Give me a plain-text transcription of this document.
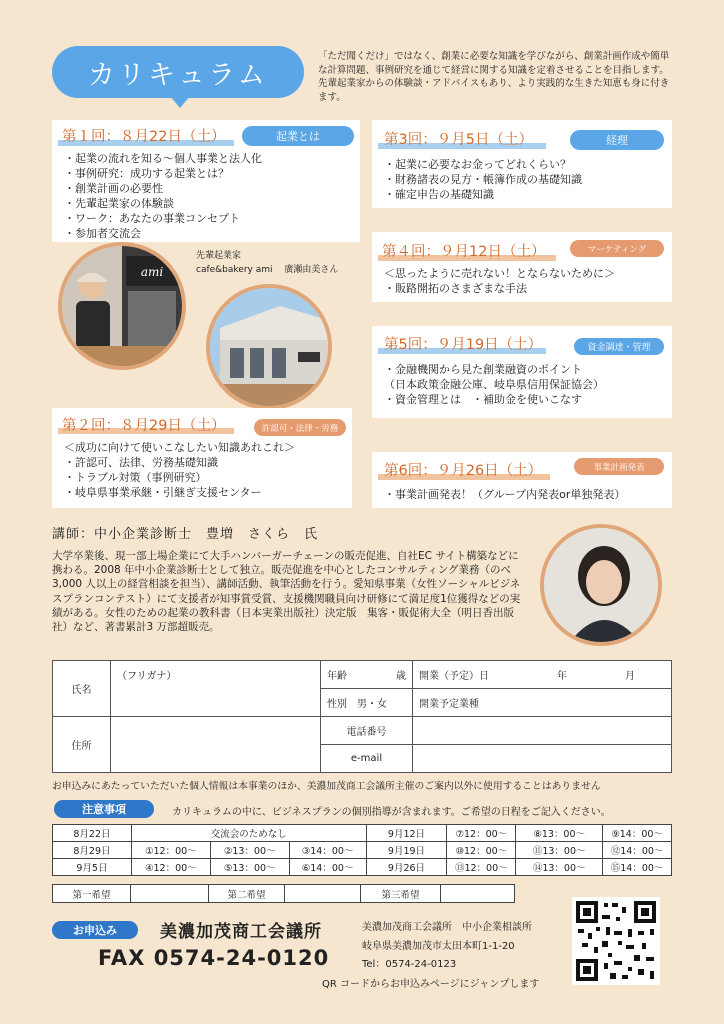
カリキュラム
「ただ聞くだけ」ではなく、創業に必要な知識を学びながら、創業計画作成や簡単な計算問題、事例研究を通じて経営に関する知識を定着させることを目指します。先輩起業家からの体験談・アドバイスもあり、より実践的な生きた知恵も身に付きます。
第１回：８月22日（土）	起業とは
・起業の流れを知る～個人事業と法人化
・事例研究：成功する起業とは？
・創業計画の必要性
・先輩起業家の体験談
・ワーク：あなたの事業コンセプト
・参加者交流会
第3回：９月5日（土）	経理
・起業に必要なお金ってどれくらい？
・財務諸表の見方・帳簿作成の基礎知識
・確定申告の基礎知識
第４回：９月12日（土）	マーケティング
＜思ったように売れない！とならないために＞
・販路開拓のさまざまな手法
先輩起業家
cafe&bakery ami　 廣瀬由美さん
ami
第5回：９月19日（土）	資金調達・管理
・金融機関から見た創業融資のポイント
（日本政策金融公庫、岐阜県信用保証協会）
・資金管理とは　・補助金を使いこなす
第２回：８月29日（土）	許認可・法律・労務
＜成功に向けて使いこなしたい知識あれこれ＞
・許認可、法律、労務基礎知識
・トラブル対策（事例研究）
・岐阜県事業承継・引継ぎ支援センター
第6回：９月26日（土）	事業計画発表
・事業計画発表！（グループ内発表or単独発表）
講師：中小企業診断士　豊増　さくら　氏
大学卒業後、現一部上場企業にて大手ハンバーガーチェーンの販売促進、自社EC サイト構築などに携わる。2008 年中小企業診断士として独立。販売促進を中心としたコンサルティング業務（のべ3,000 人以上の経営相談を担当）、講師活動、執筆活動を行う。愛知県事業（女性ソーシャルビジネスプランコンテスト）にて支援者が知事賞受賞、支援機関職員向け研修にて満足度1位獲得などの実績がある。女性のための起業の教科書（日本実業出版社）決定版　集客・販促術大全（明日香出版社）など、著書累計3 万部超販売。
氏名	（フリガナ）	年齢 歳	開業（予定）日 年 月
		性別　 男・女	開業予定業種
住所		電話番号	
		e-mail	
お申込みにあたっていただいた個人情報は本事業のほか、美濃加茂商工会議所主催のご案内以外に使用することはありません
注意事項	カリキュラムの中に、ビジネスプランの個別指導が含まれます。ご希望の日程をご記入ください。
8月22日	交流会のためなし			9月12日	⑦12：00～	⑧13：00～	⑨14：00～
8月29日	①12：00～	②13：00～	③14：00～	9月19日	⑩12：00～	⑪13：00～	⑫14：00～
9月5日	④12：00～	⑤13：00～	⑥14：00～	9月26日	⑬12：00～	⑭13：00～	⑮14：00～
第一希望		第二希望		第三希望	
お申込み	美濃加茂商工会議所
FAX 0574-24-0120
美濃加茂商工会議所　中小企業相談所
岐阜県美濃加茂市太田本町1-1-20
Tel：0574-24-0123
QR コードからお申込みページにジャンプします
